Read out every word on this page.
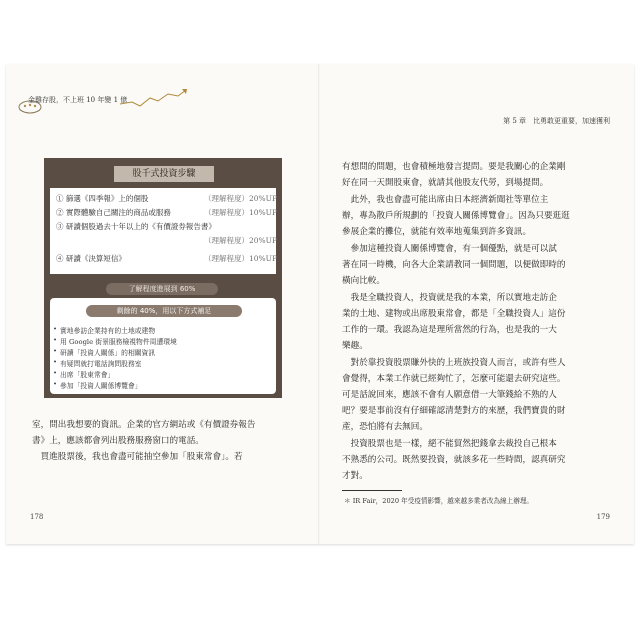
金雞存股，不上班 10 年變 1 億
第 5 章　比勇敢更重要，加速獲利
股千式投資步驟
① 篩選《四季報》上的個股	（理解程度）20%UP
② 實際體驗自己關注的商品或服務	（理解程度）10%UP
③ 研讀個股過去十年以上的《有價證券報告書》
（理解程度）20%UP
④ 研讀《決算短信》	（理解程度）10%UP
了解程度進展到 60%
剩餘的 40%，用以下方式補足
• 實地參訪企業持有的土地或建物
• 用 Google 街景服務檢視物件周遭環境
• 研讀「投資人關係」的相關資訊
• 有疑問就打電話詢問股務室
• 出席「股東常會」
• 參加「投資人關係博覽會」
室，問出我想要的資訊。企業的官方網站或《有價證券報告
書》上，應該都會列出股務服務窗口的電話。
　買進股票後，我也會盡可能抽空參加「股東常會」。若
有想問的問題，也會積極地發言提問。要是我關心的企業剛
好在同一天開股東會，就請其他股友代勞，到場提問。
　此外，我也會盡可能出席由日本經濟新聞社等單位主
辦，專為散戶所規劃的「投資人關係博覽會」。因為只要逛逛
參展企業的攤位，就能有效率地蒐集到許多資訊。
　參加這種投資人關係博覽會，有一個優點，就是可以試
著在同一時機，向各大企業請教同一個問題，以便做即時的
橫向比較。
　我是全職投資人，投資就是我的本業，所以實地走訪企
業的土地、建物或出席股東常會，都是「全職投資人」這份
工作的一環。我認為這是理所當然的行為，也是我的一大
樂趣。
　對於靠投資股票賺外快的上班族投資人而言，或許有些人
會覺得，本業工作就已經夠忙了，怎麼可能還去研究這些。
可是話說回來，應該不會有人願意借一大筆錢給不熟的人
吧？要是事前沒有仔細確認清楚對方的來歷，我們寶貴的財
產，恐怕將有去無回。
　投資股票也是一樣，絕不能貿然把錢拿去裁投自己根本
不熟悉的公司。既然要投資，就該多花一些時間，認真研究
才對。
＊ IR Fair，2020 年受疫情影響，越來越多業者改為線上辦理。
178	179
